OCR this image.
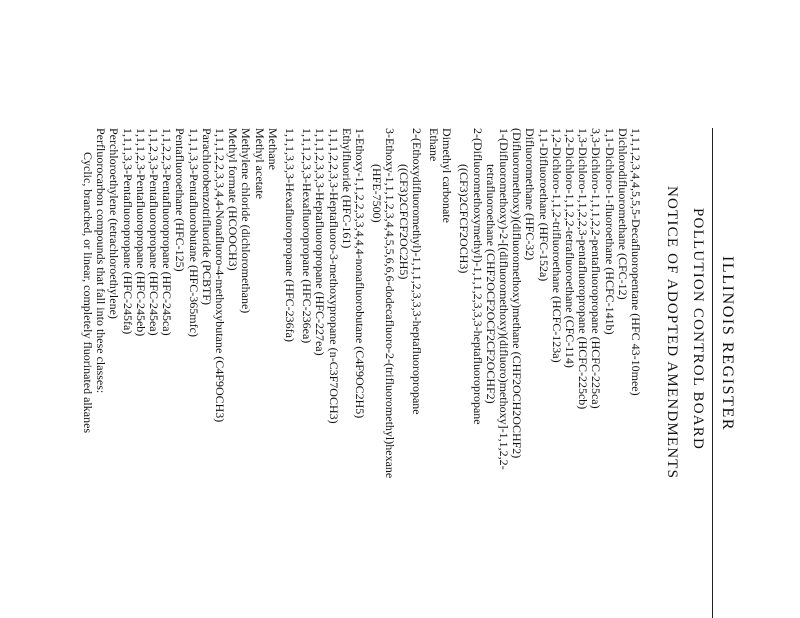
ILLINOIS REGISTER
POLLUTION CONTROL BOARD
NOTICE OF ADOPTED AMENDMENTS
1,1,1,2,3,4,4,5,5,5-Decafluoropentane (HFC 43-10mee)
Dichlorodifluoromethane (CFC-12)
1,1-Dichloro-1-fluoroethane (HCFC-141b)
3,3-Dichloro-1,1,1,2,2-pentafluoropropane (HCFC-225ca)
1,3-Dichloro-1,1,2,2,3-pentafluoropropane (HCFC-225cb)
1,2-Dichloro-1,1,2,2-tetrafluoroethane (CFC-114)
1,2-Dichloro-1,1,2-trifluoroethane (HCFC-123a)
1,1-Difluoroethane (HFC-152a)
Difluoromethane (HFC-32)
(Difluoromethoxy)(difluoromethoxy)methane (CHF2OCH2OCHF2)
1-(Difluoromethoxy)-2-[(difluoromethoxy)(difluoro)methoxy]-1,1,2,2-
tetrafluoroethane (CHF2OCF2OCF2CF2OCHF2)
2-(Difluoromethoxymethyl)-1,1,1,2,3,3,3-heptafluoropropane
((CF3)2CFCF2OCH3)
Dimethyl carbonate
Ethane
2-(Ethoxydifluoromethyl)-1,1,1,2,3,3,3-heptafluoropropane
((CF3)2CFCF2OC2H5)
3-Ethoxy-1,1,1,2,3,4,4,5,5,6,6,6-dodecafluoro-2-(trifluoromethyl)hexane
(HFE-7500)
1-Ethoxy-1,1,2,2,3,3,4,4,4-nonafluorobutane (C4F9OC2H5)
Ethylfluoride (HFC-161)
1,1,1,2,2,3,3-Heptafluoro-3-methoxypropane (n-C3F7OCH3)
1,1,1,2,3,3,3-Heptafluoropropane (HFC-227ea)
1,1,1,2,3,3-Hexafluoropropane (HFC-236ea)
1,1,1,3,3,3-Hexafluoropropane (HFC-236fa)
Methane
Methyl acetate
Methylene chloride (dichloromethane)
Methyl formate (HCOOCH3)
1,1,1,2,2,3,3,4,4-Nonafluoro-4-methoxybutane (C4F9OCH3)
Parachlorobenzotrifluoride (PCBTF)
1,1,1,3,3-Pentafluorobutane (HFC-365mfc)
Pentafluoroethane (HFC-125)
1,1,2,2,3-Pentafluoropropane (HFC-245ca)
1,1,2,3,3-Pentafluoropropane (HFC-245ea)
1,1,1,2,3-Pentafluoropropane (HFC-245eb)
1,1,1,3,3-Pentafluoropropane (HFC-245fa)
Perchloroethylene (tetrachloroethylene)
Perfluorocarbon compounds that fall into these classes:
Cyclic, branched, or linear, completely fluorinated alkanes
